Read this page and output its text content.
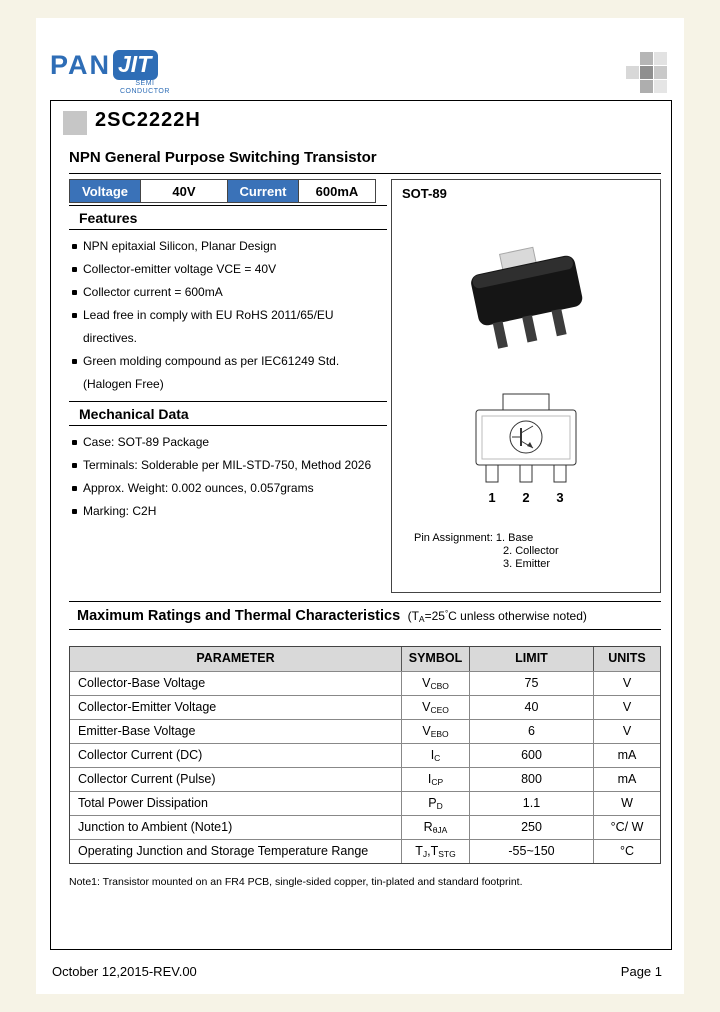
PAN JIT
SEMI
CONDUCTOR
2SC2222H
NPN General Purpose Switching Transistor
Voltage	40V	Current	600mA	SOT-89
1 2 3
Pin Assignment: 1. Base
2. Collector
3. Emitter
Features
NPN epitaxial Silicon, Planar Design
Collector-emitter voltage VCE = 40V
Collector current = 600mA
Lead free in comply with EU RoHS 2011/65/EU directives.
Green molding compound as per IEC61249 Std. (Halogen Free)
Mechanical Data
Case: SOT-89 Package
Terminals: Solderable per MIL-STD-750, Method 2026
Approx. Weight: 0.002 ounces, 0.057grams
Marking: C2H
Maximum Ratings and Thermal Characteristics ($T_A=25^\circ C$ unless otherwise noted)
PARAMETER	SYMBOL	LIMIT	UNITS
Collector-Base Voltage	$V_{CBO}$	75	V
Collector-Emitter Voltage	$V_{CEO}$	40	V
Emitter-Base Voltage	$V_{EBO}$	6	V
Collector Current (DC)	$I_C$	600	mA
Collector Current (Pulse)	$I_{CP}$	800	mA
Total Power Dissipation	$P_D$	1.1	W
Junction to Ambient (Note1)	$R_{\theta JA}$	250	°C/ W
Operating Junction and Storage Temperature Range	$T_J,T_{STG}$	-55~150	°C
Note1: Transistor mounted on an FR4 PCB, single-sided copper, tin-plated and standard footprint.
October 12,2015-REV.00	Page 1
